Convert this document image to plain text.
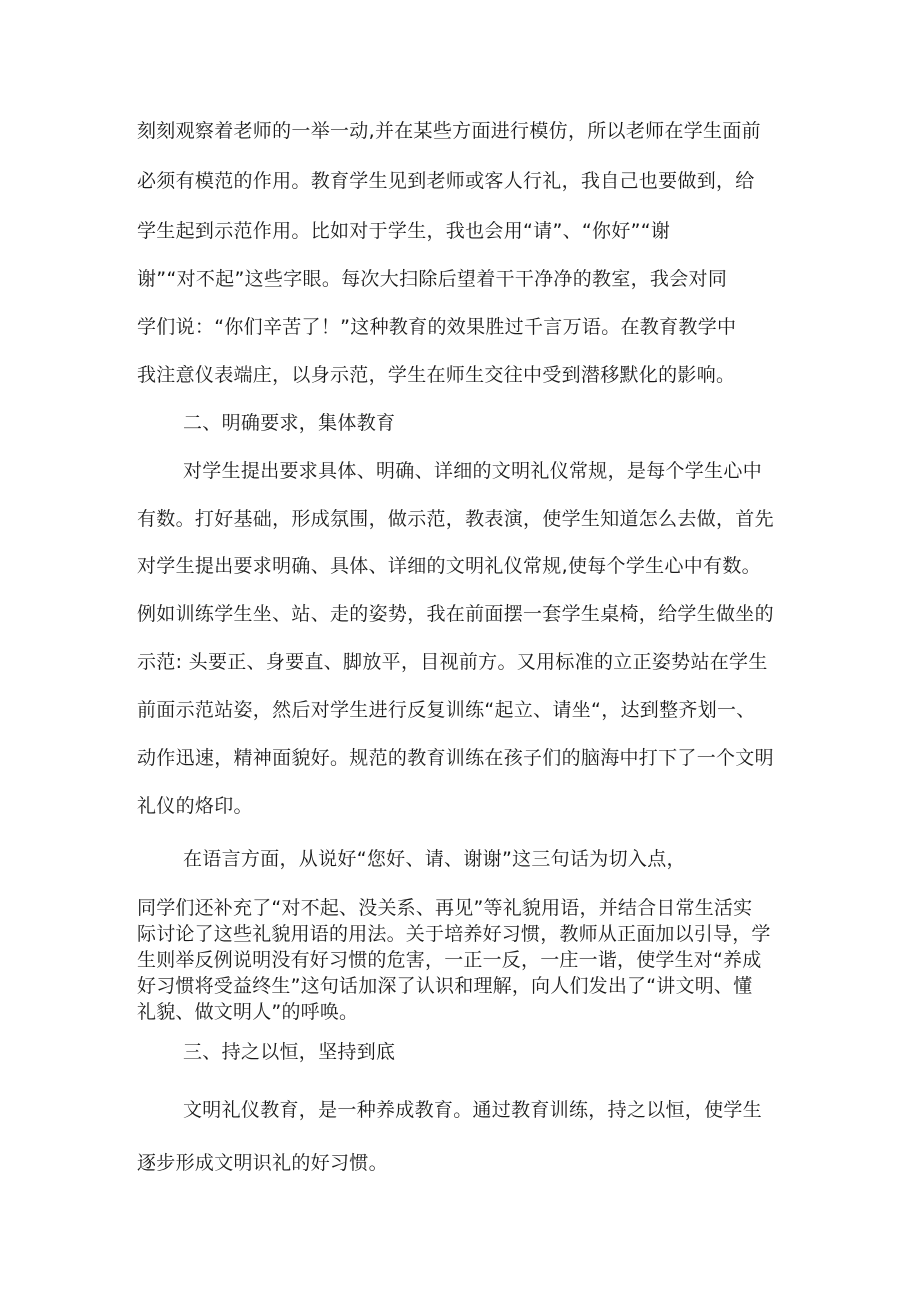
刻刻观察着老师的一举一动,并在某些方面进行模仿，所以老师在学生面前
必须有模范的作用。教育学生见到老师或客人行礼，我自己也要做到，给
学生起到示范作用。比如对于学生，我也会用“请”、“你好”“谢
谢”“对不起”这些字眼。每次大扫除后望着干干净净的教室，我会对同
学们说：“你们辛苦了！”这种教育的效果胜过千言万语。在教育教学中
我注意仪表端庄，以身示范，学生在师生交往中受到潜移默化的影响。
二、明确要求，集体教育
对学生提出要求具体、明确、详细的文明礼仪常规，是每个学生心中
有数。打好基础，形成氛围，做示范，教表演，使学生知道怎么去做，首先
对学生提出要求明确、具体、详细的文明礼仪常规,使每个学生心中有数。
例如训练学生坐、站、走的姿势，我在前面摆一套学生桌椅，给学生做坐的
示范: 头要正、身要直、脚放平，目视前方。又用标准的立正姿势站在学生
前面示范站姿，然后对学生进行反复训练“起立、请坐“，达到整齐划一、
动作迅速，精神面貌好。规范的教育训练在孩子们的脑海中打下了一个文明
礼仪的烙印。
在语言方面，从说好“您好、请、谢谢”这三句话为切入点，
同学们还补充了“对不起、没关系、再见”等礼貌用语，并结合日常生活实
际讨论了这些礼貌用语的用法。关于培养好习惯，教师从正面加以引导，学
生则举反例说明没有好习惯的危害，一正一反，一庄一谐，使学生对“养成
好习惯将受益终生”这句话加深了认识和理解，向人们发出了“讲文明、懂
礼貌、做文明人”的呼唤。
三、持之以恒，坚持到底
文明礼仪教育，是一种养成教育。通过教育训练，持之以恒，使学生
逐步形成文明识礼的好习惯。
